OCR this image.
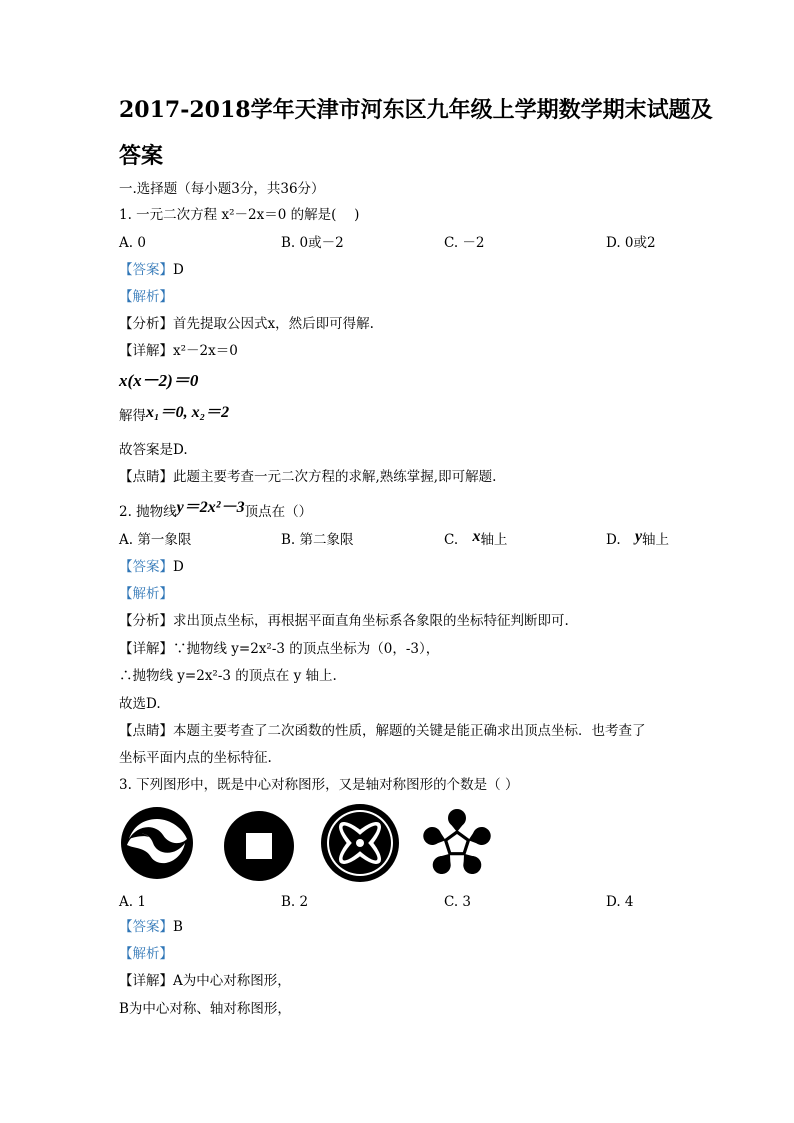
2017-2018学年天津市河东区九年级上学期数学期末试题及
答案
一.选择题（每小题3分，共36分）
1. 一元二次方程 x²－2x＝0 的解是(　 )
A. 0	B. 0或－2	C. －2	D. 0或2
【答案】D
【解析】
【分析】首先提取公因式x，然后即可得解.
【详解】x²－2x＝0
x(x－2)＝0
解得x₁＝0, x₂＝2
故答案是D.
【点睛】此题主要考查一元二次方程的求解,熟练掌握,即可解题.
2. 抛物线y＝2x²－3顶点在（）
A. 第一象限	B. 第二象限	C. x轴上	D. y轴上
【答案】D
【解析】
【分析】求出顶点坐标，再根据平面直角坐标系各象限的坐标特征判断即可.
【详解】∵抛物线 y=2x²-3 的顶点坐标为（0，-3），
∴抛物线 y=2x²-3 的顶点在 y 轴上.
故选D.
【点睛】本题主要考查了二次函数的性质，解题的关键是能正确求出顶点坐标．也考查了
坐标平面内点的坐标特征.
3. 下列图形中，既是中心对称图形，又是轴对称图形的个数是（ ）
A. 1	B. 2	C. 3	D. 4
【答案】B
【解析】
【详解】A为中心对称图形，
B为中心对称、轴对称图形，
